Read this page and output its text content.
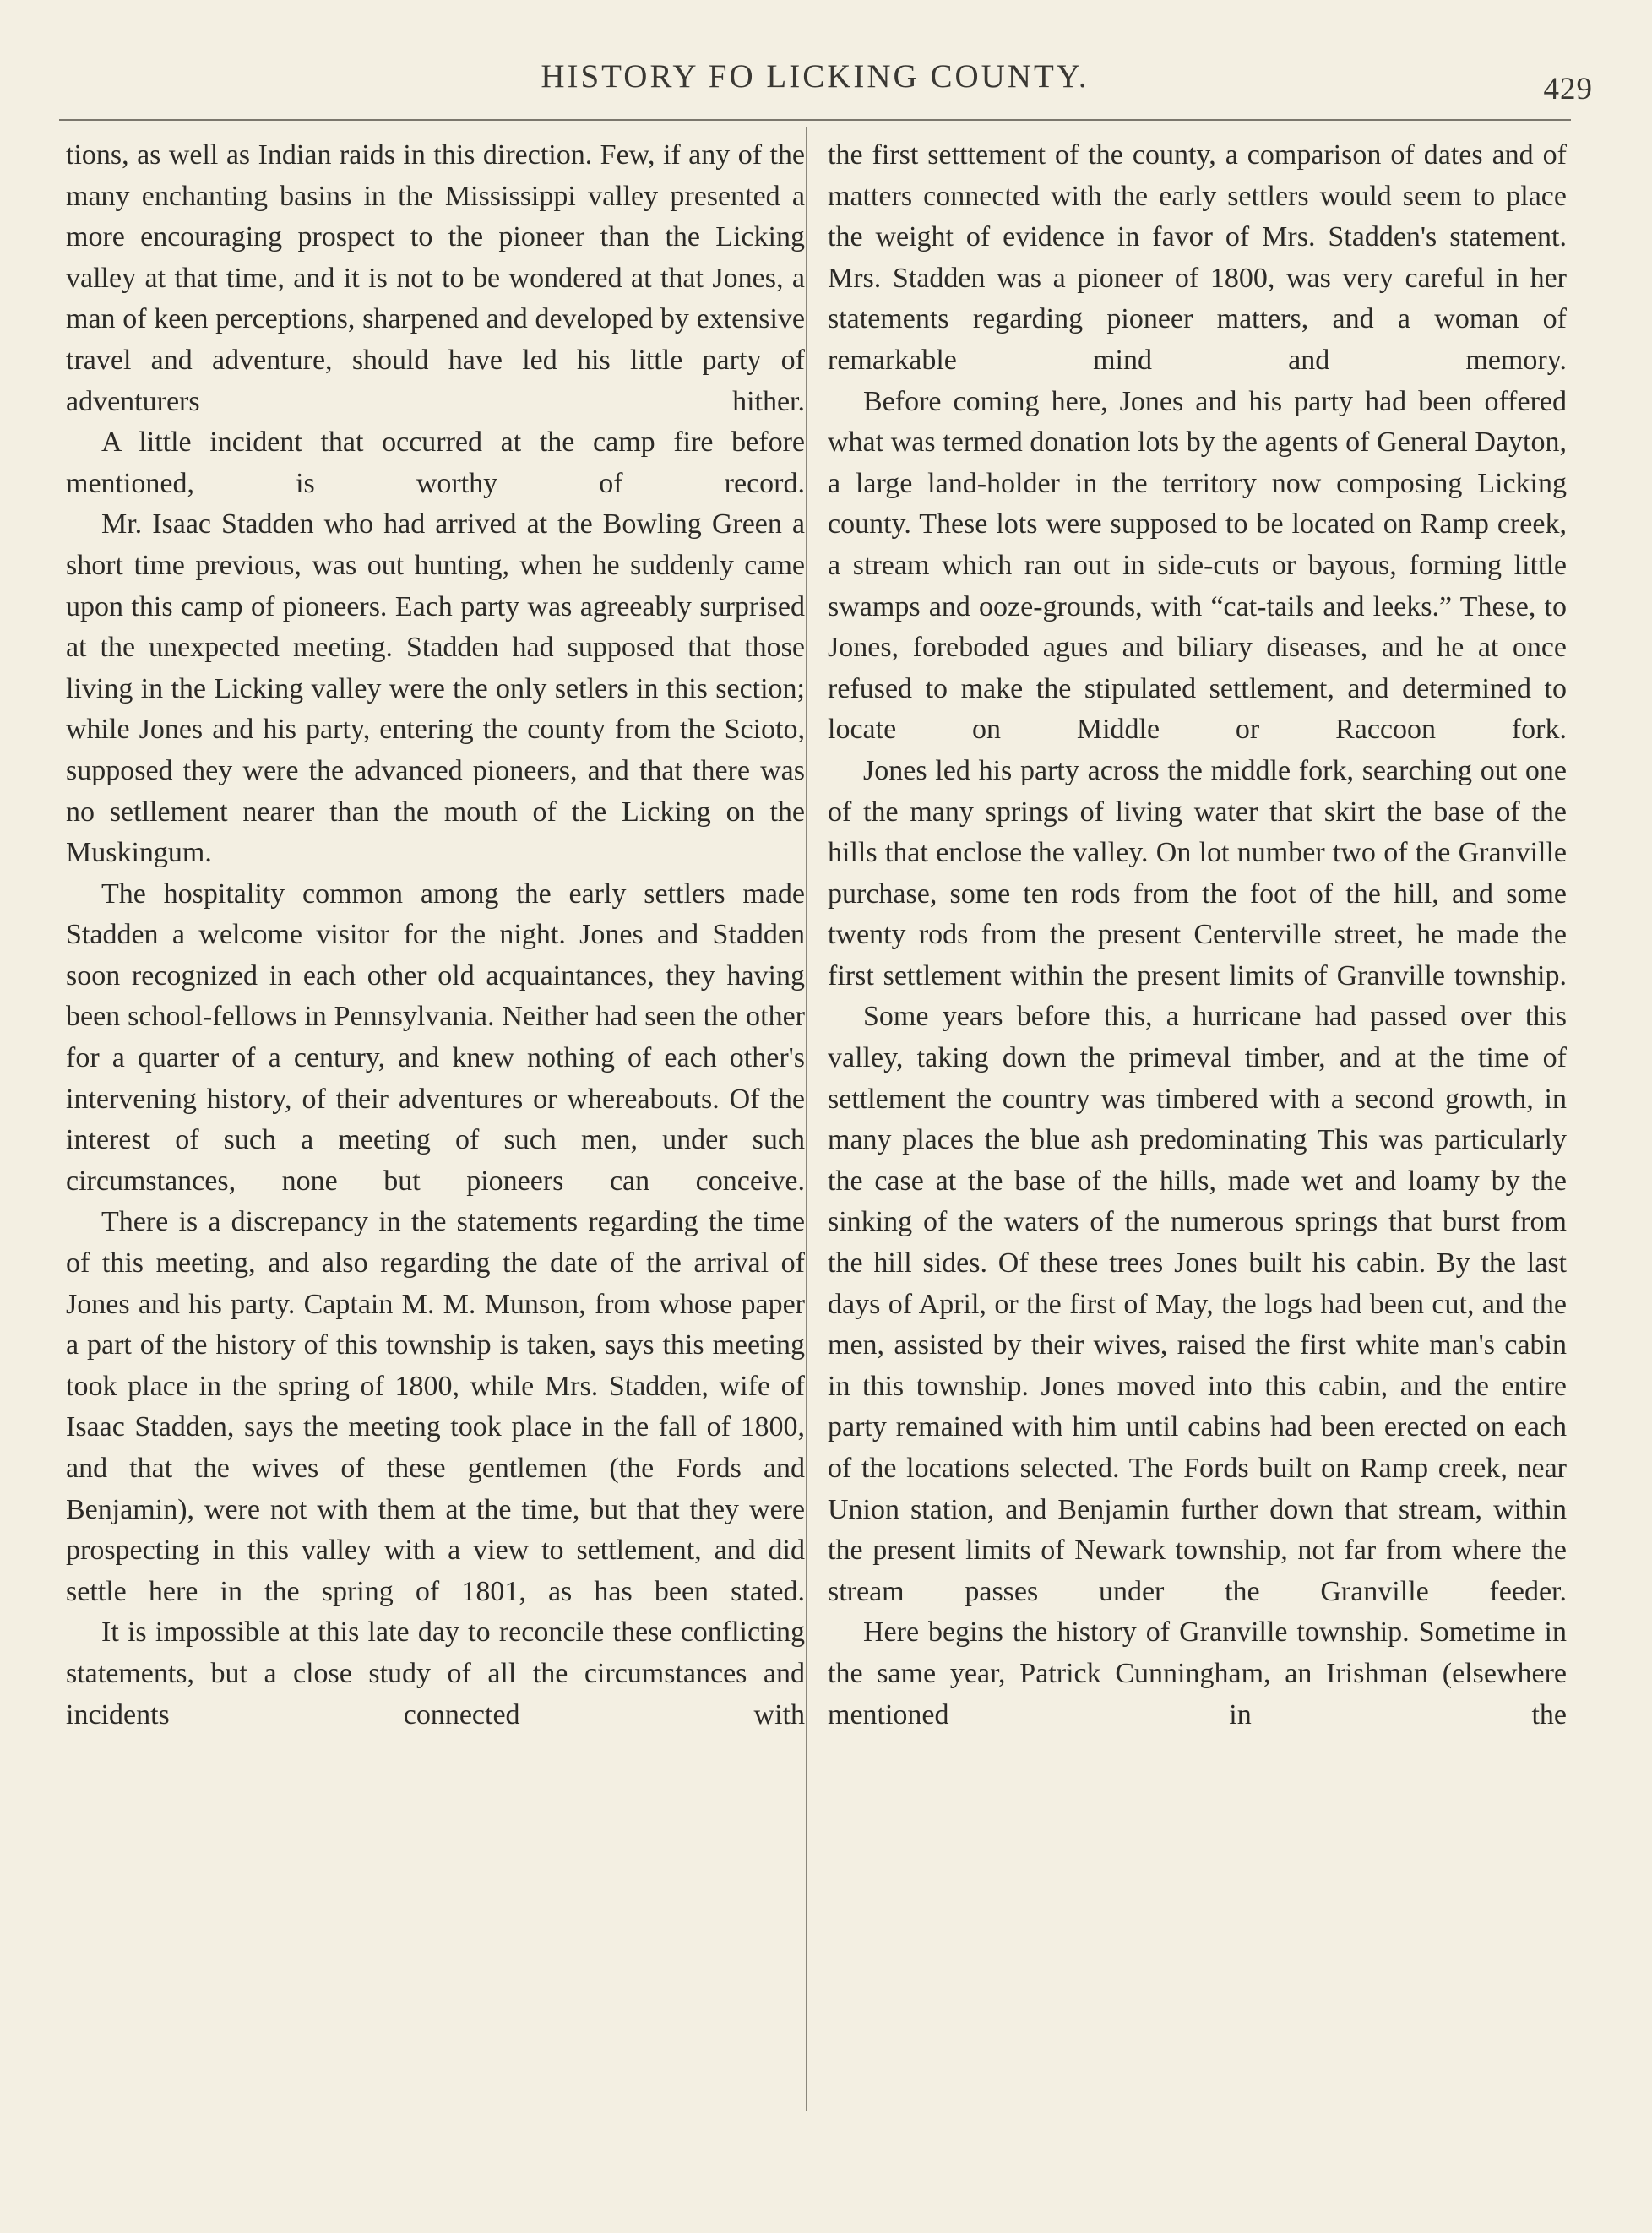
HISTORY FO LICKING COUNTY.	429

tions, as well as Indian raids in this direction. Few, if any of the many enchanting basins in the Mississippi valley presented a more encouraging prospect to the pioneer than the Licking valley at that time, and it is not to be wondered at that Jones, a man of keen perceptions, sharpened and developed by extensive travel and adventure, should have led his little party of adventurers hither.

A little incident that occurred at the camp fire before mentioned, is worthy of record.

Mr. Isaac Stadden who had arrived at the Bowling Green a short time previous, was out hunting, when he suddenly came upon this camp of pioneers. Each party was agreeably surprised at the unexpected meeting. Stadden had supposed that those living in the Licking valley were the only setlers in this section; while Jones and his party, entering the county from the Scioto, supposed they were the advanced pioneers, and that there was no setllement nearer than the mouth of the Licking on the Muskingum.

The hospitality common among the early settlers made Stadden a welcome visitor for the night. Jones and Stadden soon recognized in each other old acquaintances, they having been school-fellows in Pennsylvania. Neither had seen the other for a quarter of a century, and knew nothing of each other's intervening history, of their adventures or whereabouts. Of the interest of such a meeting of such men, under such circumstances, none but pioneers can conceive.

There is a discrepancy in the statements regarding the time of this meeting, and also regarding the date of the arrival of Jones and his party. Captain M. M. Munson, from whose paper a part of the history of this township is taken, says this meeting took place in the spring of 1800, while Mrs. Stadden, wife of Isaac Stadden, says the meeting took place in the fall of 1800, and that the wives of these gentlemen (the Fords and Benjamin), were not with them at the time, but that they were prospecting in this valley with a view to settlement, and did settle here in the spring of 1801, as has been stated.

It is impossible at this late day to reconcile these conflicting statements, but a close study of all the circumstances and incidents connected with

the first setttement of the county, a comparison of dates and of matters connected with the early settlers would seem to place the weight of evidence in favor of Mrs. Stadden's statement. Mrs. Stadden was a pioneer of 1800, was very careful in her statements regarding pioneer matters, and a woman of remarkable mind and memory.

Before coming here, Jones and his party had been offered what was termed donation lots by the agents of General Dayton, a large land-holder in the territory now composing Licking county. These lots were supposed to be located on Ramp creek, a stream which ran out in side-cuts or bayous, forming little swamps and ooze-grounds, with “cat-tails and leeks.” These, to Jones, foreboded agues and biliary diseases, and he at once refused to make the stipulated settlement, and determined to locate on Middle or Raccoon fork.

Jones led his party across the middle fork, searching out one of the many springs of living water that skirt the base of the hills that enclose the valley. On lot number two of the Granville purchase, some ten rods from the foot of the hill, and some twenty rods from the present Centerville street, he made the first settlement within the present limits of Granville township.

Some years before this, a hurricane had passed over this valley, taking down the primeval timber, and at the time of settlement the country was timbered with a second growth, in many places the blue ash predominating This was particularly the case at the base of the hills, made wet and loamy by the sinking of the waters of the numerous springs that burst from the hill sides. Of these trees Jones built his cabin. By the last days of April, or the first of May, the logs had been cut, and the men, assisted by their wives, raised the first white man's cabin in this township. Jones moved into this cabin, and the entire party remained with him until cabins had been erected on each of the locations selected. The Fords built on Ramp creek, near Union station, and Benjamin further down that stream, within the present limits of Newark township, not far from where the stream passes under the Granville feeder.

Here begins the history of Granville township. Sometime in the same year, Patrick Cunningham, an Irishman (elsewhere mentioned in the
